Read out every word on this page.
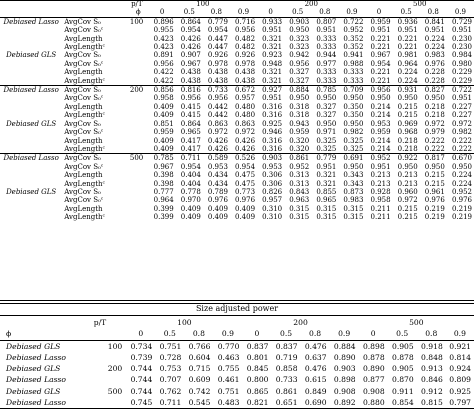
p/T			100				200				500			
ϕ			0	0.5	0.8	0.9	0	0.5	0.8	0.9	0	0.5	0.8	0.9
Debiased Lasso	AvgCov S₀	100	0.896	0.864	0.779	0.716	0.933	0.903	0.807	0.722	0.959	0.936	0.841	0.729
	AvgCov S₀ᶜ		0.955	0.954	0.954	0.956	0.951	0.950	0.951	0.952	0.951	0.951	0.951	0.951
	AvgLength		0.423	0.426	0.447	0.482	0.321	0.323	0.333	0.352	0.221	0.221	0.224	0.230
	AvgLengthᶜ		0.423	0.426	0.447	0.482	0.321	0.323	0.333	0.352	0.221	0.221	0.224	0.230
Debiased GLS	AvgCov S₀		0.891	0.907	0.926	0.926	0.923	0.942	0.944	0.941	0.967	0.981	0.983	0.984
	AvgCov S₀ᶜ		0.956	0.967	0.978	0.978	0.948	0.956	0.977	0.988	0.954	0.964	0.976	0.980
	AvgLength		0.422	0.438	0.438	0.438	0.321	0.327	0.333	0.333	0.221	0.224	0.228	0.229
	AvgLengthᶜ		0.422	0.438	0.438	0.438	0.321	0.327	0.333	0.333	0.221	0.224	0.228	0.229
Debiased Lasso	AvgCov S₀	200	0.856	0.816	0.733	0.672	0.927	0.884	0.785	0.709	0.956	0.931	0.827	0.722
	AvgCov S₀ᶜ		0.958	0.956	0.956	0.957	0.951	0.950	0.950	0.950	0.950	0.950	0.950	0.951
	AvgLength		0.409	0.415	0.442	0.480	0.316	0.318	0.327	0.350	0.214	0.215	0.218	0.227
	AvgLengthᶜ		0.409	0.415	0.442	0.480	0.316	0.318	0.327	0.350	0.214	0.215	0.218	0.227
Debiased GLS	AvgCov S₀		0.851	0.864	0.863	0.863	0.925	0.943	0.950	0.950	0.953	0.969	0.972	0.972
	AvgCov S₀ᶜ		0.959	0.965	0.972	0.972	0.946	0.959	0.971	0.982	0.959	0.968	0.979	0.982
	AvgLength		0.409	0.417	0.426	0.426	0.316	0.320	0.325	0.325	0.214	0.218	0.222	0.222
	AvgLengthᶜ		0.409	0.417	0.426	0.426	0.316	0.320	0.325	0.325	0.214	0.218	0.222	0.222
Debiased Lasso	AvgCov S₀	500	0.785	0.711	0.589	0.526	0.903	0.861	0.779	0.691	0.952	0.922	0.817	0.670
	AvgCov S₀ᶜ		0.967	0.954	0.953	0.954	0.953	0.952	0.951	0.950	0.951	0.950	0.950	0.950
	AvgLength		0.398	0.404	0.434	0.475	0.306	0.313	0.321	0.343	0.213	0.213	0.215	0.224
	AvgLengthᶜ		0.398	0.404	0.434	0.475	0.306	0.313	0.321	0.343	0.213	0.213	0.215	0.224
Debiased GLS	AvgCov S₀		0.777	0.778	0.789	0.773	0.826	0.843	0.855	0.873	0.928	0.960	0.961	0.952
	AvgCov S₀ᶜ		0.964	0.970	0.976	0.976	0.957	0.963	0.965	0.983	0.958	0.972	0.976	0.976
	AvgLength		0.399	0.409	0.409	0.409	0.310	0.315	0.315	0.315	0.211	0.215	0.219	0.219
	AvgLengthᶜ		0.399	0.409	0.409	0.409	0.310	0.315	0.315	0.315	0.211	0.215	0.219	0.219
Size adjusted power
p/T		100				200				500			
ϕ		0	0.5	0.8	0.9	0	0.5	0.8	0.9	0	0.5	0.8	0.9
Debiased GLS	100	0.734	0.751	0.766	0.770	0.837	0.837	0.476	0.884	0.898	0.905	0.918	0.921
Debiased Lasso		0.739	0.728	0.604	0.463	0.801	0.719	0.637	0.890	0.878	0.878	0.848	0.814
Debiased GLS	200	0.744	0.753	0.715	0.755	0.845	0.858	0.476	0.903	0.890	0.905	0.913	0.924
Debiased Lasso		0.744	0.707	0.609	0.461	0.800	0.733	0.615	0.898	0.877	0.870	0.846	0.809
Debiased GLS	500	0.744	0.762	0.742	0.751	0.865	0.861	0.849	0.908	0.908	0.911	0.912	0.925
Debiased Lasso		0.745	0.711	0.545	0.483	0.821	0.651	0.690	0.892	0.880	0.854	0.815	0.797
